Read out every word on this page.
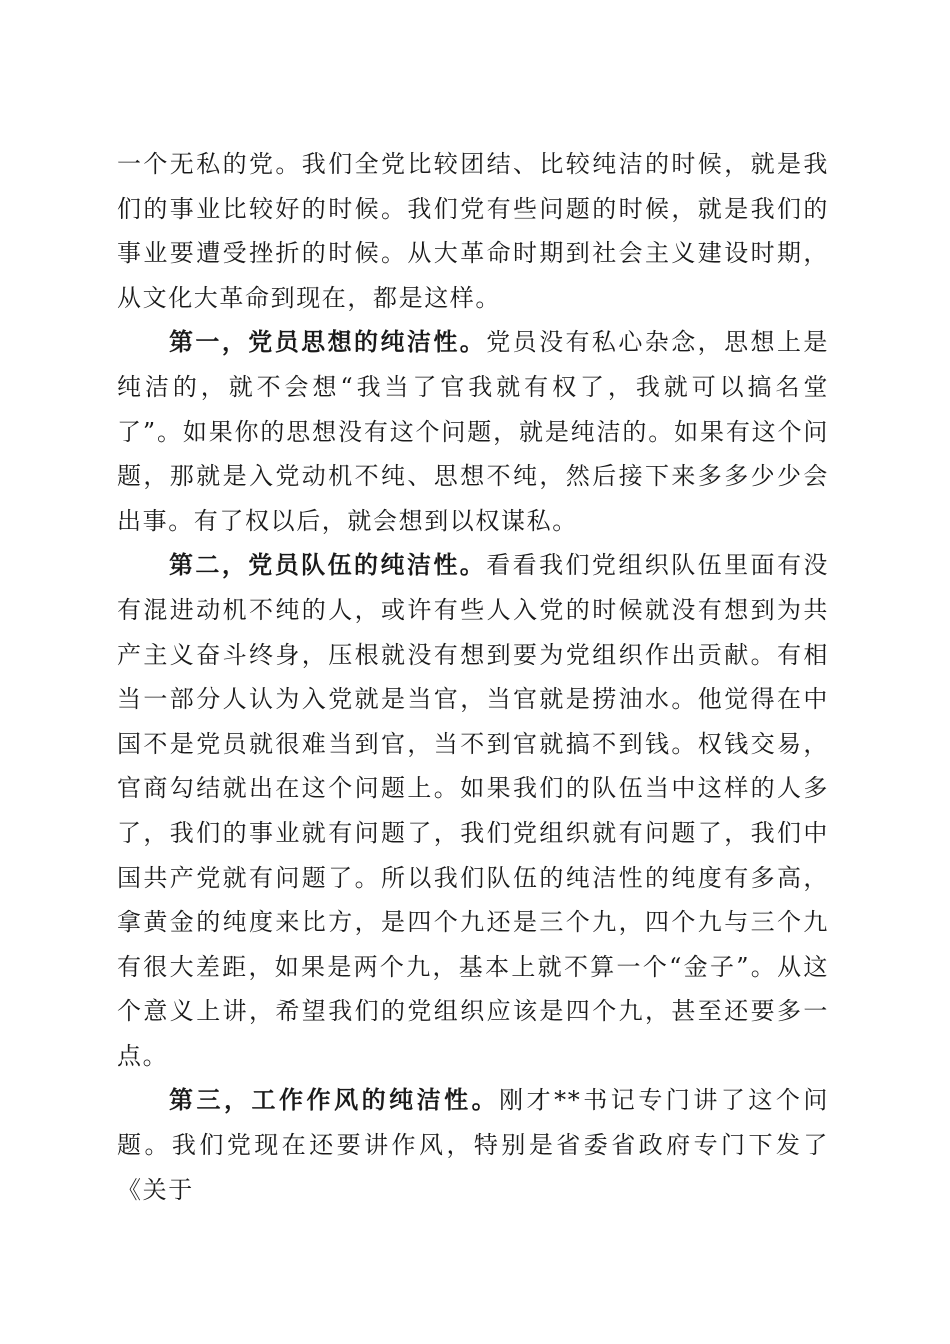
一个无私的党。我们全党比较团结、比较纯洁的时候，就是我们的事业比较好的时候。我们党有些问题的时候，就是我们的事业要遭受挫折的时候。从大革命时期到社会主义建设时期，从文化大革命到现在，都是这样。

第一，党员思想的纯洁性。党员没有私心杂念，思想上是纯洁的，就不会想“我当了官我就有权了，我就可以搞名堂了”。如果你的思想没有这个问题，就是纯洁的。如果有这个问题，那就是入党动机不纯、思想不纯，然后接下来多多少少会出事。有了权以后，就会想到以权谋私。

第二，党员队伍的纯洁性。看看我们党组织队伍里面有没有混进动机不纯的人，或许有些人入党的时候就没有想到为共产主义奋斗终身，压根就没有想到要为党组织作出贡献。有相当一部分人认为入党就是当官，当官就是捞油水。他觉得在中国不是党员就很难当到官，当不到官就搞不到钱。权钱交易，官商勾结就出在这个问题上。如果我们的队伍当中这样的人多了，我们的事业就有问题了，我们党组织就有问题了，我们中国共产党就有问题了。所以我们队伍的纯洁性的纯度有多高，拿黄金的纯度来比方，是四个九还是三个九，四个九与三个九有很大差距，如果是两个九，基本上就不算一个“金子”。从这个意义上讲，希望我们的党组织应该是四个九，甚至还要多一点。

第三，工作作风的纯洁性。刚才**书记专门讲了这个问题。我们党现在还要讲作风，特别是省委省政府专门下发了《关于
